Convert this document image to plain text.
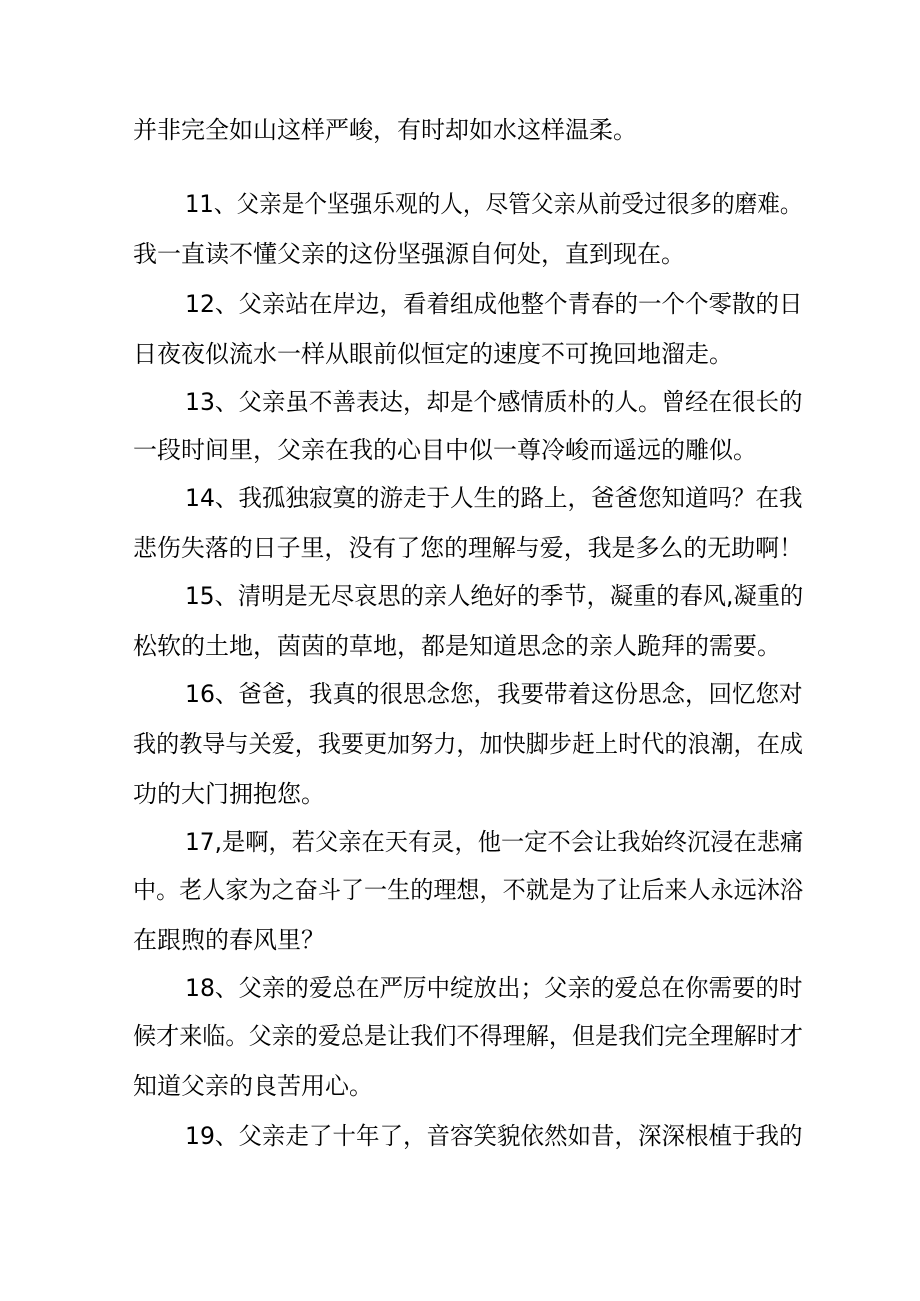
并非完全如山这样严峻，有时却如水这样温柔。
11、父亲是个坚强乐观的人，尽管父亲从前受过很多的磨难。
我一直读不懂父亲的这份坚强源自何处，直到现在。
12、父亲站在岸边，看着组成他整个青春的一个个零散的日
日夜夜似流水一样从眼前似恒定的速度不可挽回地溜走。
13、父亲虽不善表达，却是个感情质朴的人。曾经在很长的
一段时间里，父亲在我的心目中似一尊冷峻而遥远的雕似。
14、我孤独寂寞的游走于人生的路上，爸爸您知道吗？在我
悲伤失落的日子里，没有了您的理解与爱，我是多么的无助啊！
15、清明是无尽哀思的亲人绝好的季节，凝重的春风,凝重的
松软的土地，茵茵的草地，都是知道思念的亲人跪拜的需要。
16、爸爸，我真的很思念您，我要带着这份思念，回忆您对
我的教导与关爱，我要更加努力，加快脚步赶上时代的浪潮，在成
功的大门拥抱您。
17,是啊，若父亲在天有灵，他一定不会让我始终沉浸在悲痛
中。老人家为之奋斗了一生的理想，不就是为了让后来人永远沐浴
在跟煦的春风里？
18、父亲的爱总在严厉中绽放出；父亲的爱总在你需要的时
候才来临。父亲的爱总是让我们不得理解，但是我们完全理解时才
知道父亲的良苦用心。
19、父亲走了十年了，音容笑貌依然如昔，深深根植于我的
